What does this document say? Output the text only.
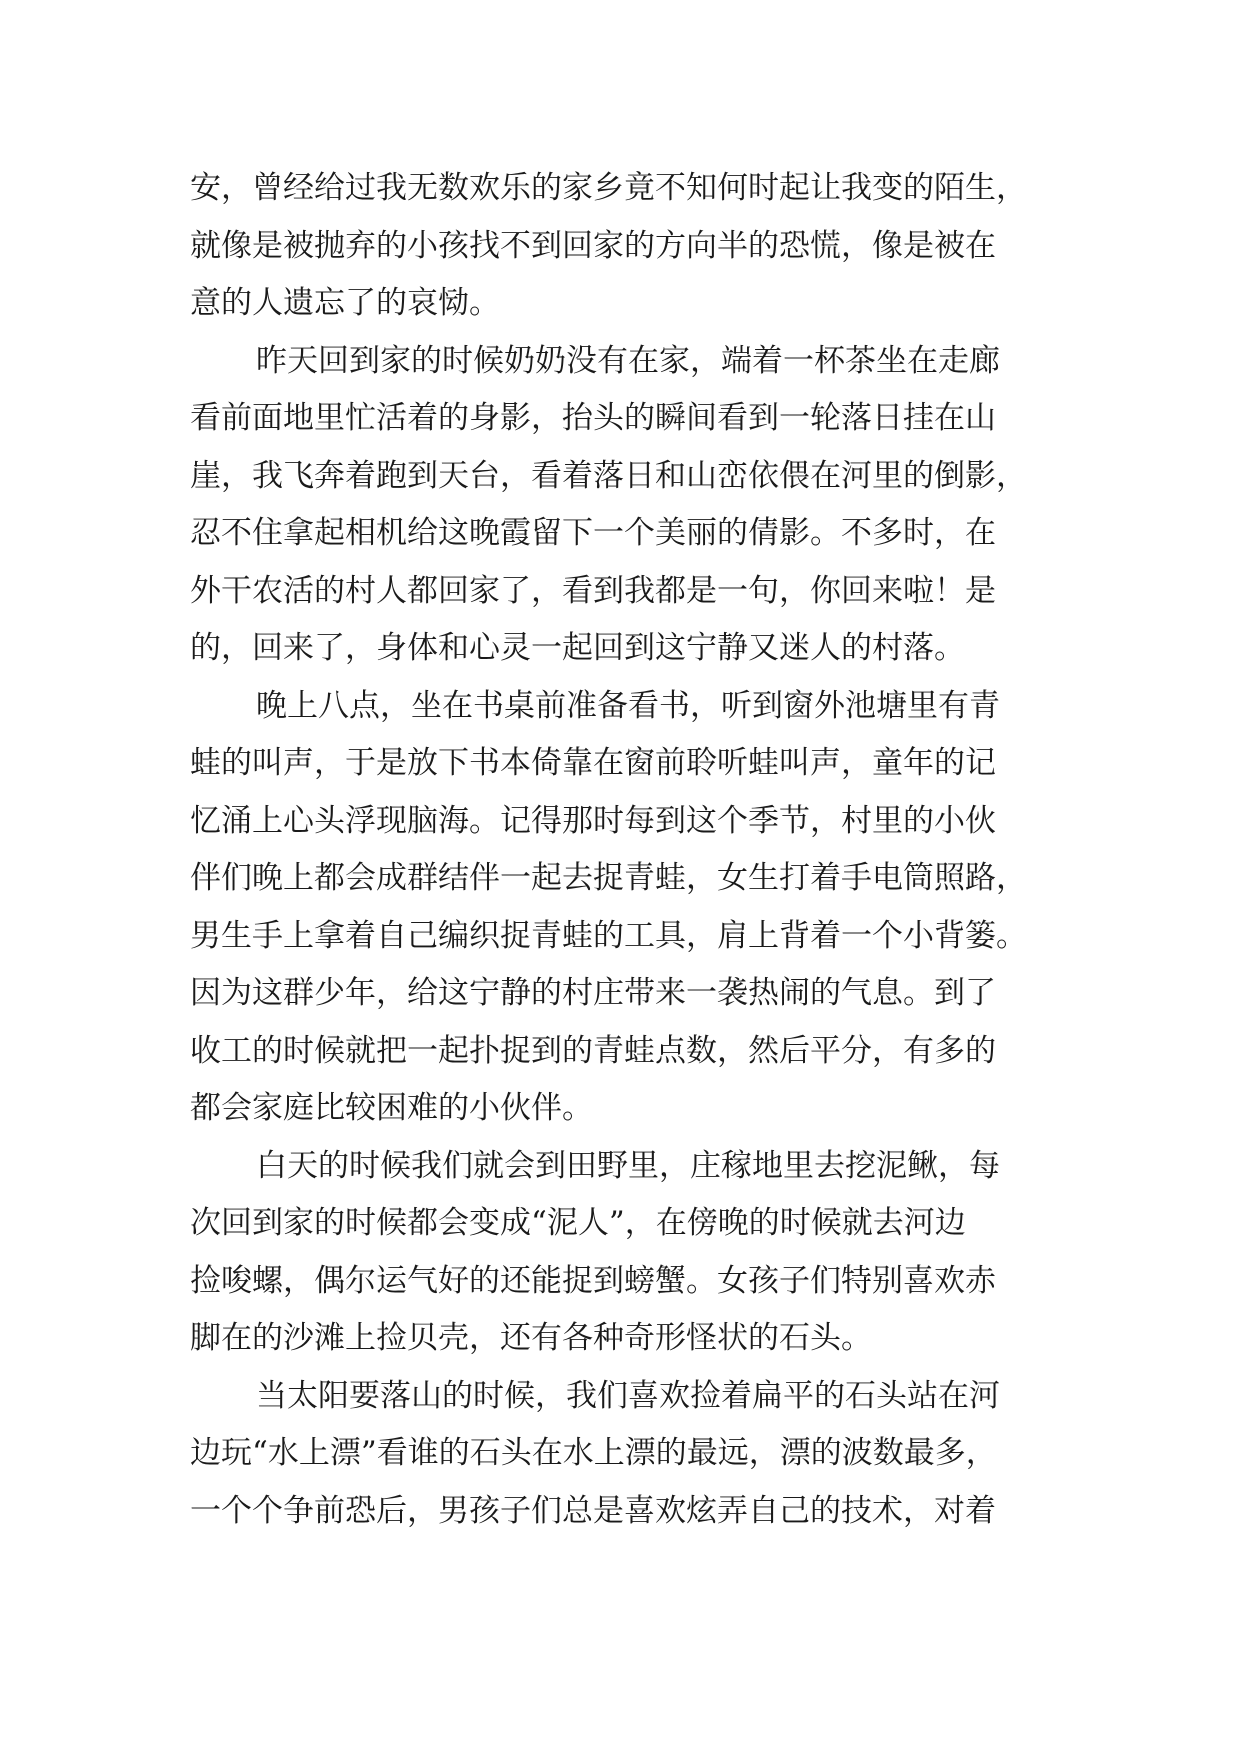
安，曾经给过我无数欢乐的家乡竟不知何时起让我变的陌生，
就像是被抛弃的小孩找不到回家的方向半的恐慌，像是被在
意的人遗忘了的哀恸。
昨天回到家的时候奶奶没有在家，端着一杯茶坐在走廊
看前面地里忙活着的身影，抬头的瞬间看到一轮落日挂在山
崖，我飞奔着跑到天台，看着落日和山峦依偎在河里的倒影，
忍不住拿起相机给这晚霞留下一个美丽的倩影。不多时，在
外干农活的村人都回家了，看到我都是一句，你回来啦！是
的，回来了，身体和心灵一起回到这宁静又迷人的村落。
晚上八点，坐在书桌前准备看书，听到窗外池塘里有青
蛙的叫声，于是放下书本倚靠在窗前聆听蛙叫声，童年的记
忆涌上心头浮现脑海。记得那时每到这个季节，村里的小伙
伴们晚上都会成群结伴一起去捉青蛙，女生打着手电筒照路，
男生手上拿着自己编织捉青蛙的工具，肩上背着一个小背篓。
因为这群少年，给这宁静的村庄带来一袭热闹的气息。到了
收工的时候就把一起扑捉到的青蛙点数，然后平分，有多的
都会家庭比较困难的小伙伴。
白天的时候我们就会到田野里，庄稼地里去挖泥鳅，每
次回到家的时候都会变成“泥人”，在傍晚的时候就去河边
捡唆螺，偶尔运气好的还能捉到螃蟹。女孩子们特别喜欢赤
脚在的沙滩上捡贝壳，还有各种奇形怪状的石头。
当太阳要落山的时候，我们喜欢捡着扁平的石头站在河
边玩“水上漂”看谁的石头在水上漂的最远，漂的波数最多，
一个个争前恐后，男孩子们总是喜欢炫弄自己的技术，对着
